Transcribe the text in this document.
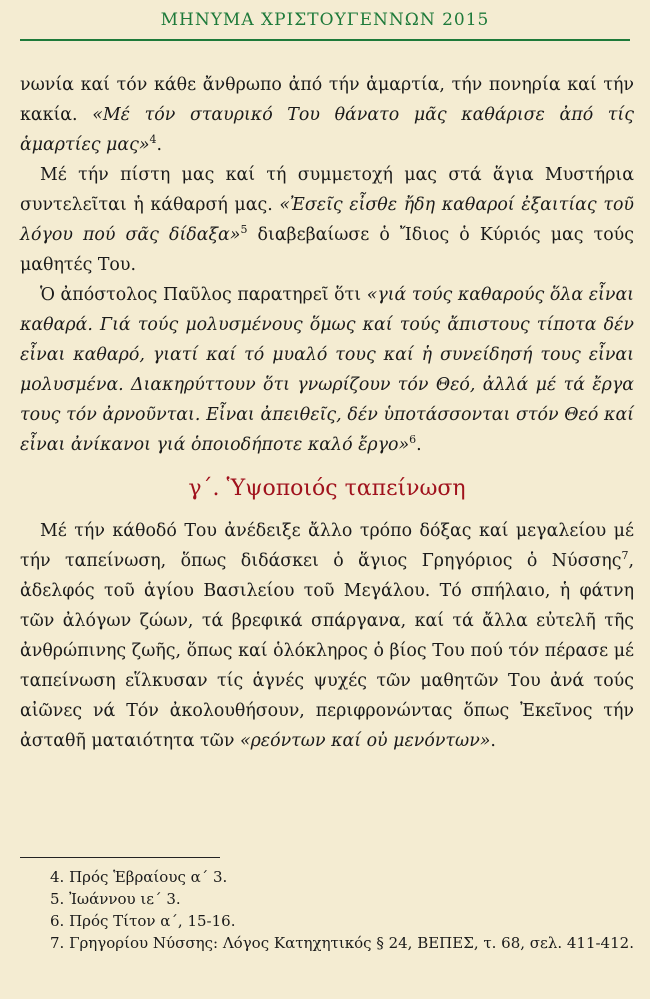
ΜΗΝΥΜΑ ΧΡΙΣΤΟΥΓΕΝΝΩΝ 2015

νωνία καί τόν κάθε ἄνθρωπο ἀπό τήν ἁμαρτία, τήν πονηρία καί τήν κακία. «Μέ τόν σταυρικό Του θάνατο μᾶς καθάρισε ἀπό τίς ἁμαρτίες μας»$^4$.

Μέ τήν πίστη μας καί τή συμμετοχή μας στά ἅγια Μυστήρια συντελεῖται ἡ κάθαρσή μας. «Ἐσεῖς εἶσθε ἤδη καθαροί ἐξαιτίας τοῦ λόγου πού σᾶς δίδαξα»$^5$ διαβεβαίωσε ὁ Ἴδιος ὁ Κύριός μας τούς μαθητές Του.

Ὁ ἀπόστολος Παῦλος παρατηρεῖ ὅτι «γιά τούς καθαρούς ὅλα εἶναι καθαρά. Γιά τούς μολυσμένους ὅμως καί τούς ἄπιστους τίποτα δέν εἶναι καθαρό, γιατί καί τό μυαλό τους καί ἡ συνείδησή τους εἶναι μολυσμένα. Διακηρύττουν ὅτι γνωρίζουν τόν Θεό, ἀλλά μέ τά ἔργα τους τόν ἀρνοῦνται. Εἶναι ἀπειθεῖς, δέν ὑποτάσσονται στόν Θεό καί εἶναι ἀνίκανοι γιά ὁποιοδήποτε καλό ἔργο»$^6$.

γ΄. Ὑψοποιός ταπείνωση

Μέ τήν κάθοδό Του ἀνέδειξε ἄλλο τρόπο δόξας καί μεγαλείου μέ τήν ταπείνωση, ὅπως διδάσκει ὁ ἅγιος Γρηγόριος ὁ Νύσσης$^7$, ἀδελφός τοῦ ἁγίου Βασιλείου τοῦ Μεγάλου. Τό σπήλαιο, ἡ φάτνη τῶν ἀλόγων ζώων, τά βρεφικά σπάργανα, καί τά ἄλλα εὐτελῆ τῆς ἀνθρώπινης ζωῆς, ὅπως καί ὁλόκληρος ὁ βίος Του πού τόν πέρασε μέ ταπείνωση εἵλκυσαν τίς ἁγνές ψυχές τῶν μαθητῶν Του ἀνά τούς αἰῶνες νά Τόν ἀκολουθήσουν, περιφρονώντας ὅπως Ἐκεῖνος τήν ἀσταθῆ ματαιότητα τῶν «ρεόντων καί οὐ μενόντων».

4. Πρός Ἑβραίους α΄ 3.
5. Ἰωάννου ιε΄ 3.
6. Πρός Τίτον α΄, 15-16.
7. Γρηγορίου Νύσσης: Λόγος Κατηχητικός § 24, ΒΕΠΕΣ, τ. 68, σελ. 411-412.
